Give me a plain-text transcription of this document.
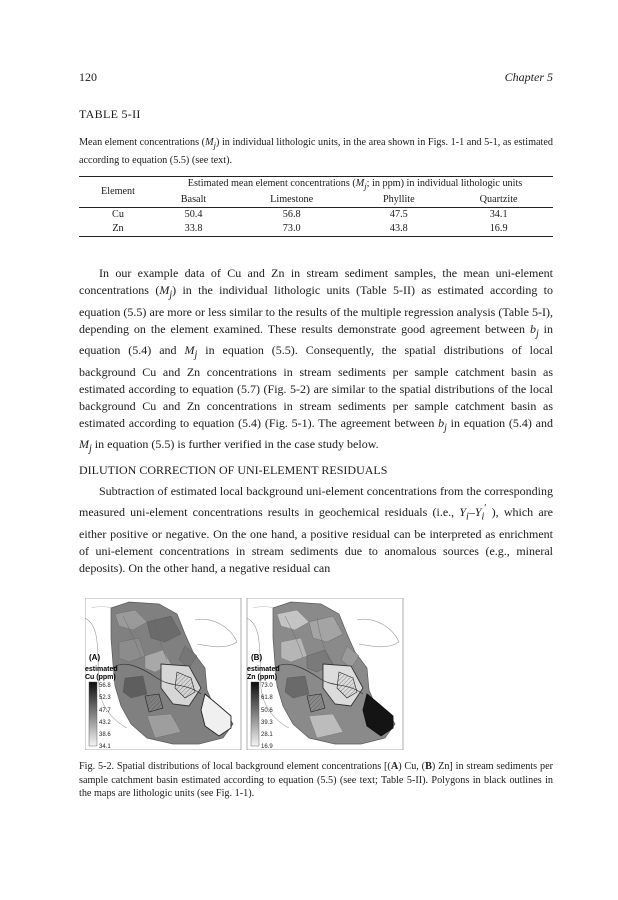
120	Chapter 5
TABLE 5-II
Mean element concentrations $(M_j)$ in individual lithologic units, in the area shown in Figs. 1-1 and 5-1, as estimated according to equation (5.5) (see text).
Element	Estimated mean element concentrations ($M_j$; in ppm) in individual lithologic units			
	Basalt	Limestone	Phyllite	Quartzite
Cu	50.4	56.8	47.5	34.1
Zn	33.8	73.0	43.8	16.9

In our example data of Cu and Zn in stream sediment samples, the mean uni-element concentrations $(M_j)$ in the individual lithologic units (Table 5-II) as estimated according to equation (5.5) are more or less similar to the results of the multiple regression analysis (Table 5-I), depending on the element examined. These results demonstrate good agreement between $b_j$ in equation (5.4) and $M_j$ in equation (5.5). Consequently, the spatial distributions of local background Cu and Zn concentrations in stream sediments per sample catchment basin as estimated according to equation (5.7) (Fig. 5-2) are similar to the spatial distributions of the local background Cu and Zn concentrations in stream sediments per sample catchment basin as estimated according to equation (5.4) (Fig. 5-1). The agreement between $b_j$ in equation (5.4) and $M_j$ in equation (5.5) is further verified in the case study below.

DILUTION CORRECTION OF UNI-ELEMENT RESIDUALS

Subtraction of estimated local background uni-element concentrations from the corresponding measured uni-element concentrations results in geochemical residuals (i.e., $Y_i-Y_i'$ ), which are either positive or negative. On the one hand, a positive residual can be interpreted as enrichment of uni-element concentrations in stream sediments due to anomalous sources (e.g., mineral deposits). On the other hand, a negative residual can

(A)
estimated
Cu (ppm)
56.8
52.3
47.7
43.2
38.6
34.1
(B)
estimated
Zn (ppm)
73.0
61.8
50.6
39.3
28.1
16.9
Fig. 5-2. Spatial distributions of local background element concentrations [(A) Cu, (B) Zn] in stream sediments per sample catchment basin estimated according to equation (5.5) (see text; Table 5-II). Polygons in black outlines in the maps are lithologic units (see Fig. 1-1).
